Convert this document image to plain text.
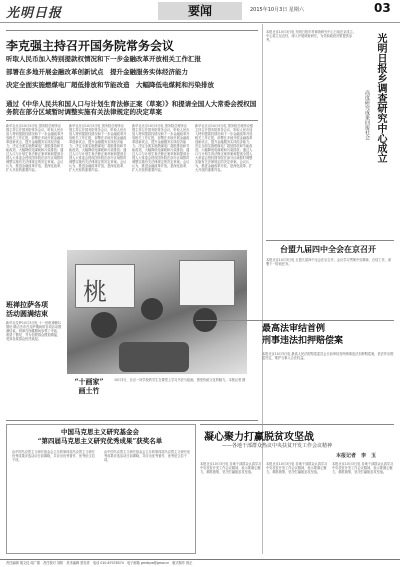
光明日报	要闻	2015年10月3日 星期六	03
李克强主持召开国务院常务会议
听取人民币加入特别提款权情况和下一步金融改革开放相关工作汇报
部署在多地开展金融改革创新试点　提升金融服务实体经济能力
决定全面实施燃煤电厂超低排放和节能改造　大幅降低电煤耗和污染排放
通过《中华人民共和国人口与计划生育法修正案（草案）》和提请全国人大常委会授权国务院在部分区域暂时调整实施有关法律规定的决定草案
新华社北京10月3日电 国务院总理李克强主持召开国务院常务会议，听取人民币加入特别提款权情况和下一步金融改革开放相关工作汇报，部署在多地开展金融改革创新试点，提升金融服务实体经济能力；决定全面实施燃煤电厂超低排放和节能改造，大幅降低电煤耗和污染排放；通过人口与计划生育法修正案草案和提请全国人大常委会授权国务院在部分区域暂时调整实施有关法律规定的决定草案。会议认为，推进金融改革开放，是深化改革、扩大开放的重要内容。
新华社北京10月3日电 国务院总理李克强主持召开国务院常务会议，听取人民币加入特别提款权情况和下一步金融改革开放相关工作汇报，部署在多地开展金融改革创新试点，提升金融服务实体经济能力；决定全面实施燃煤电厂超低排放和节能改造，大幅降低电煤耗和污染排放；通过人口与计划生育法修正案草案和提请全国人大常委会授权国务院在部分区域暂时调整实施有关法律规定的决定草案。会议认为，推进金融改革开放，是深化改革、扩大开放的重要内容。
新华社北京10月3日电 国务院总理李克强主持召开国务院常务会议，听取人民币加入特别提款权情况和下一步金融改革开放相关工作汇报，部署在多地开展金融改革创新试点，提升金融服务实体经济能力；决定全面实施燃煤电厂超低排放和节能改造，大幅降低电煤耗和污染排放；通过人口与计划生育法修正案草案和提请全国人大常委会授权国务院在部分区域暂时调整实施有关法律规定的决定草案。会议认为，推进金融改革开放，是深化改革、扩大开放的重要内容。
新华社北京10月3日电 国务院总理李克强主持召开国务院常务会议，听取人民币加入特别提款权情况和下一步金融改革开放相关工作汇报，部署在多地开展金融改革创新试点，提升金融服务实体经济能力；决定全面实施燃煤电厂超低排放和节能改造，大幅降低电煤耗和污染排放；通过人口与计划生育法修正案草案和提请全国人大常委会授权国务院在部分区域暂时调整实施有关法律规定的决定草案。会议认为，推进金融改革开放，是深化改革、扩大开放的重要内容。
班禅拉萨各项
活动圆满结束
新华社拉萨10月3日电 十一世班禅额尔德尼·确吉杰布在拉萨期间的各项活动圆满结束。班禅在西藏期间参观了寺庙，看望了僧尼，并为信教群众摸顶赐福，受到各族群众热烈欢迎。
桃
“十画家”
画土竹
10月3日，北京一所学校的学生在课堂上学习书法与绘画，感受传统文化的魅力。本报记者 摄
中国马克思主义研究基金会
“第四届马克思主义研究优秀成果”获奖名单
由中国马克思主义研究基金会主办的第四届马克思主义研究优秀成果评选活动日前揭晓，共评出优秀著作、优秀论文若干项。
由中国马克思主义研究基金会主办的第四届马克思主义研究优秀成果评选活动日前揭晓，共评出优秀著作、优秀论文若干项。
本报北京10月3日电 光明日报乡村调查研究中心日前在京成立。中心将立足农村，深入开展调查研究，为党和政府决策提供参考。	光明日报乡调查研究中心成立
高度研究成果回报社会
台盟九届四中全会在京召开
本报北京10月3日电 台盟九届四中全会在京召开，会议学习贯彻中央精神，总结工作，部署下一阶段任务。
最高法审结首例
刑事违法扣押赔偿案
本报北京10月3日电 最高人民法院赔偿委员会日前审结首例刑事违法扣押赔偿案，依法作出赔偿决定，维护当事人合法权益。
凝心聚力打赢脱贫攻坚战
——各地干部群众热议中央扶贫开发工作会议精神
本报记者　李　玉
本报北京10月3日电 各地干部群众认真学习中央扶贫开发工作会议精神，表示要凝心聚力，精准施策，坚决打赢脱贫攻坚战。
本报北京10月3日电 各地干部群众认真学习中央扶贫开发工作会议精神，表示要凝心聚力，精准施策，坚决打赢脱贫攻坚战。
本报北京10月3日电 各地干部群众认真学习中央扶贫开发工作会议精神，表示要凝心聚力，精准施策，坚决打赢脱贫攻坚战。
责任编辑 胡文佳 周广德　责任校对 刘阳　美术编辑 蔡忠祥　电话 010-67078574　电子邮箱 gmrbyw@gmw.cn　版式制作 倪正
